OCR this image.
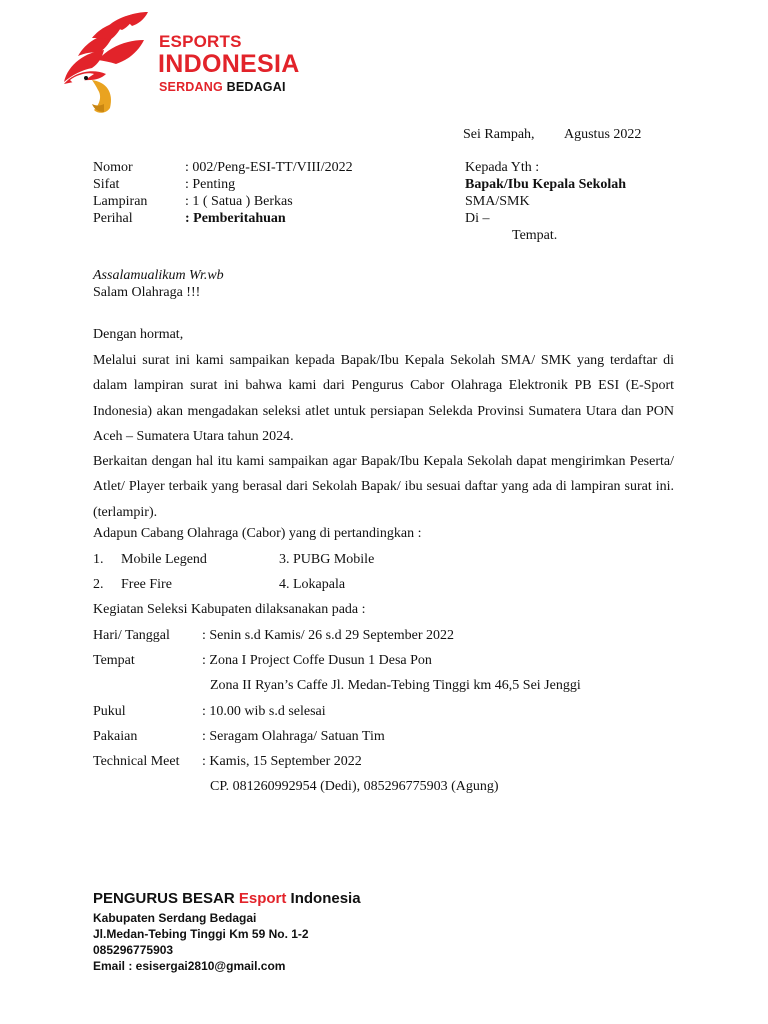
ESPORTS
INDONESIA
SERDANG BEDAGAI
Sei Rampah, Agustus 2022
Nomor	: 002/Peng-ESI-TT/VIII/2022
Sifat	: Penting
Lampiran	: 1 ( Satua ) Berkas
Perihal	: Pemberitahuan
Kepada Yth :
Bapak/Ibu Kepala Sekolah
SMA/SMK
Di –
Tempat.
Assalamualikum Wr.wb
Salam Olahraga !!!
Dengan hormat,
Melalui surat ini kami sampaikan kepada Bapak/Ibu Kepala Sekolah SMA/ SMK yang terdaftar di dalam lampiran surat ini bahwa kami dari Pengurus Cabor Olahraga Elektronik PB ESI (E-Sport Indonesia) akan mengadakan seleksi atlet untuk persiapan Selekda Provinsi Sumatera Utara dan PON Aceh – Sumatera Utara tahun 2024.
Berkaitan dengan hal itu kami sampaikan agar Bapak/Ibu Kepala Sekolah dapat mengirimkan Peserta/ Atlet/ Player terbaik yang berasal dari Sekolah Bapak/ ibu sesuai daftar yang ada di lampiran surat ini. (terlampir).
Adapun Cabang Olahraga (Cabor) yang di pertandingkan :
1. Mobile Legend	3. PUBG Mobile
2. Free Fire	4. Lokapala
Kegiatan Seleksi Kabupaten dilaksanakan pada :
Hari/ Tanggal : Senin s.d Kamis/ 26 s.d 29 September 2022
Tempat	: Zona I Project Coffe Dusun 1 Desa Pon
Zona II Ryan’s Caffe Jl. Medan-Tebing Tinggi km 46,5 Sei Jenggi
Pukul	: 10.00 wib s.d selesai
Pakaian	: Seragam Olahraga/ Satuan Tim
Technical Meet : Kamis, 15 September 2022
CP. 081260992954 (Dedi), 085296775903 (Agung)
PENGURUS BESAR Esport Indonesia
Kabupaten Serdang Bedagai
Jl.Medan-Tebing Tinggi Km 59 No. 1-2
085296775903
Email : esisergai2810@gmail.com
